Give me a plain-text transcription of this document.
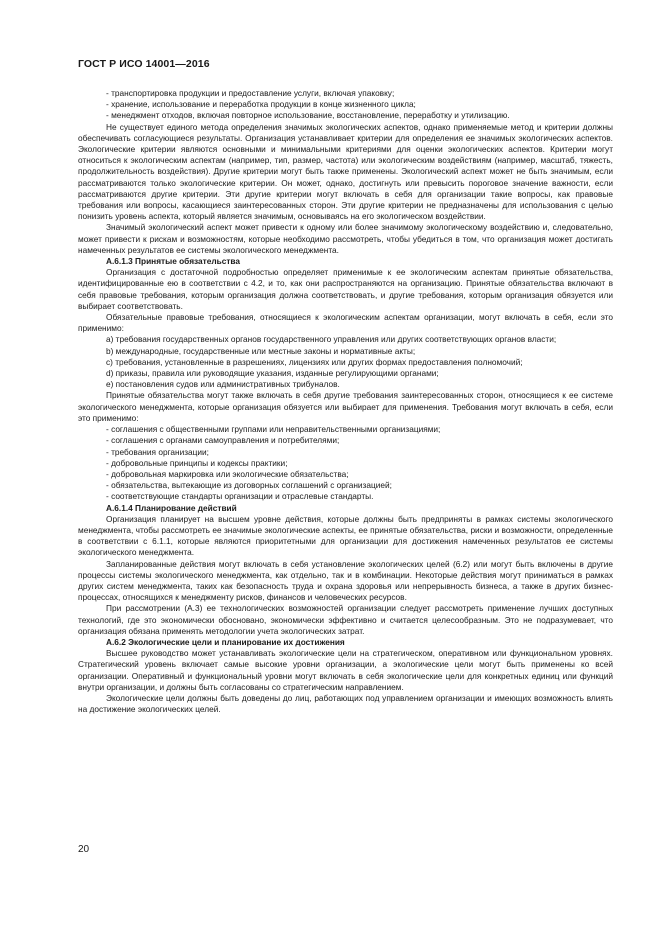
ГОСТ Р ИСО 14001—2016

- транспортировка продукции и предоставление услуги, включая упаковку;

- хранение, использование и переработка продукции в конце жизненного цикла;

- менеджмент отходов, включая повторное использование, восстановление, переработку и утилизацию.

Не существует единого метода определения значимых экологических аспектов, однако применяемые метод и критерии должны обеспечивать согласующиеся результаты. Организация устанавливает критерии для определения ее значимых экологических аспектов. Экологические критерии являются основными и минимальными критериями для оценки экологических аспектов. Критерии могут относиться к экологическим аспектам (например, тип, размер, частота) или экологическим воздействиям (например, масштаб, тяжесть, продолжительность воздействия). Другие критерии могут быть также применены. Экологический аспект может не быть значимым, если рассматриваются только экологические критерии. Он может, однако, достигнуть или превысить пороговое значение важности, если рассматриваются другие критерии. Эти другие критерии могут включать в себя для организации такие вопросы, как правовые требования или вопросы, касающиеся заинтересованных сторон. Эти другие критерии не предназначены для использования с целью понизить уровень аспекта, который является значимым, основываясь на его экологическом воздействии.

Значимый экологический аспект может привести к одному или более значимому экологическому воздействию и, следовательно, может привести к рискам и возможностям, которые необходимо рассмотреть, чтобы убедиться в том, что организация может достигать намеченных результатов ее системы экологического менеджмента.

А.6.1.3 Принятые обязательства

Организация с достаточной подробностью определяет применимые к ее экологическим аспектам принятые обязательства, идентифицированные ею в соответствии с 4.2, и то, как они распространяются на организацию. Принятые обязательства включают в себя правовые требования, которым организация должна соответствовать, и другие требования, которым организация обязуется или выбирает соответствовать.

Обязательные правовые требования, относящиеся к экологическим аспектам организации, могут включать в себя, если это применимо:

a) требования государственных органов государственного управления или других соответствующих органов власти;

b) международные, государственные или местные законы и нормативные акты;

c) требования, установленные в разрешениях, лицензиях или других формах предоставления полномочий;

d) приказы, правила или руководящие указания, изданные регулирующими органами;

e) постановления судов или административных трибуналов.

Принятые обязательства могут также включать в себя другие требования заинтересованных сторон, относящиеся к ее системе экологического менеджмента, которые организация обязуется или выбирает для применения. Требования могут включать в себя, если это применимо:

- соглашения с общественными группами или неправительственными организациями;

- соглашения с органами самоуправления и потребителями;

- требования организации;

- добровольные принципы и кодексы практики;

- добровольная маркировка или экологические обязательства;

- обязательства, вытекающие из договорных соглашений с организацией;

- соответствующие стандарты организации и отраслевые стандарты.

А.6.1.4 Планирование действий

Организация планирует на высшем уровне действия, которые должны быть предприняты в рамках системы экологического менеджмента, чтобы рассмотреть ее значимые экологические аспекты, ее принятые обязательства, риски и возможности, определенные в соответствии с 6.1.1, которые являются приоритетными для организации для достижения намеченных результатов ее системы экологического менеджмента.

Запланированные действия могут включать в себя установление экологических целей (6.2) или могут быть включены в другие процессы системы экологического менеджмента, как отдельно, так и в комбинации. Некоторые действия могут приниматься в рамках других систем менеджмента, таких как безопасность труда и охрана здоровья или непрерывность бизнеса, а также в других бизнес-процессах, относящихся к менеджменту рисков, финансов и человеческих ресурсов.

При рассмотрении (А.3) ее технологических возможностей организации следует рассмотреть применение лучших доступных технологий, где это экономически обосновано, экономически эффективно и считается целесообразным. Это не подразумевает, что организация обязана применять методологии учета экологических затрат.

А.6.2 Экологические цели и планирование их достижения

Высшее руководство может устанавливать экологические цели на стратегическом, оперативном или функциональном уровнях. Стратегический уровень включает самые высокие уровни организации, а экологические цели могут быть применены ко всей организации. Оперативный и функциональный уровни могут включать в себя экологические цели для конкретных единиц или функций внутри организации, и должны быть согласованы со стратегическим направлением.

Экологические цели должны быть доведены до лиц, работающих под управлением организации и имеющих возможность влиять на достижение экологических целей.

20
